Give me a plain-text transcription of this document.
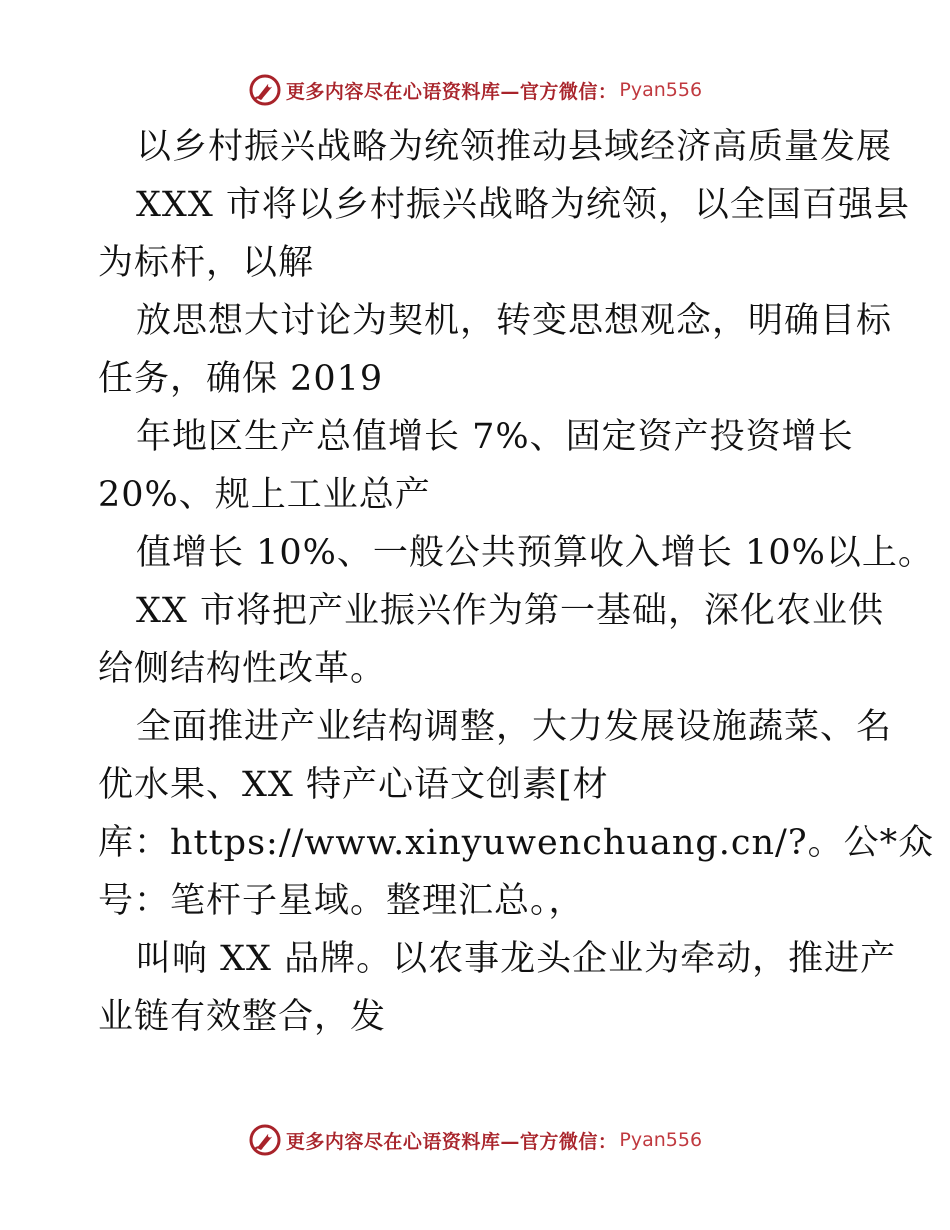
更多内容尽在心语资料库—官方微信： Pyan556
以乡村振兴战略为统领推动县域经济高质量发展
XXX 市将以乡村振兴战略为统领，以全国百强县
为标杆，以解
放思想大讨论为契机，转变思想观念，明确目标
任务，确保 2019
年地区生产总值增长 7%、固定资产投资增长
20%、规上工业总产
值增长 10%、一般公共预算收入增长 10%以上。
XX 市将把产业振兴作为第一基础，深化农业供
给侧结构性改革。
全面推进产业结构调整，大力发展设施蔬菜、名
优水果、XX 特产心语文创素[材
库：https://www.xinyuwenchuang.cn/?。公*众
号：笔杆子星域。整理汇总。，
叫响 XX 品牌。以农事龙头企业为牵动，推进产
业链有效整合，发
更多内容尽在心语资料库—官方微信： Pyan556
